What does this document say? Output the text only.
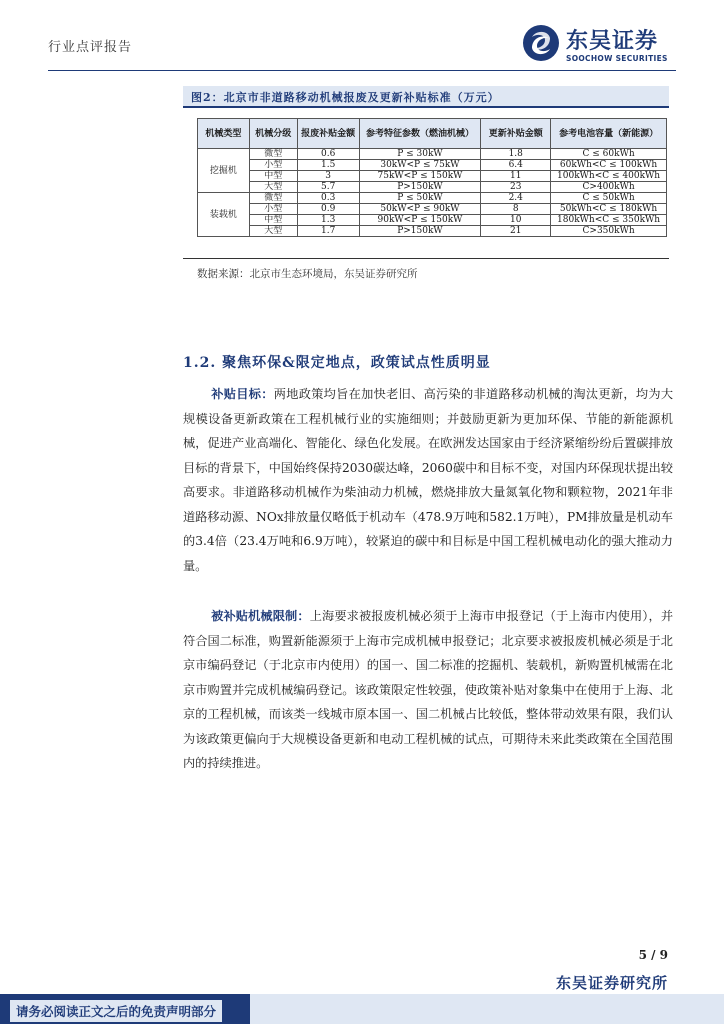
行业点评报告	东吴证券
SOOCHOW SECURITIES
图2：北京市非道路移动机械报废及更新补贴标准（万元）
机械类型	机械分级	报废补贴金额	参考特征参数（燃油机械）	更新补贴金额	参考电池容量（新能源）
挖掘机	微型	0.6	P ≤ 30kW	1.8	C ≤ 60kWh
	小型	1.5	30kW<P ≤ 75kW	6.4	60kWh<C ≤ 100kWh
	中型	3	75kW<P ≤ 150kW	11	100kWh<C ≤ 400kWh
	大型	5.7	P>150kW	23	C>400kWh
装载机	微型	0.3	P ≤ 50kW	2.4	C ≤ 50kWh
	小型	0.9	50kW<P ≤ 90kW	8	50kWh<C ≤ 180kWh
	中型	1.3	90kW<P ≤ 150kW	10	180kWh<C ≤ 350kWh
	大型	1.7	P>150kW	21	C>350kWh
数据来源：北京市生态环境局，东吴证券研究所
1.2. 聚焦环保&限定地点，政策试点性质明显
补贴目标：两地政策均旨在加快老旧、高污染的非道路移动机械的淘汰更新，均为大规模设备更新政策在工程机械行业的实施细则；并鼓励更新为更加环保、节能的新能源机械，促进产业高端化、智能化、绿色化发展。在欧洲发达国家由于经济紧缩纷纷后置碳排放目标的背景下，中国始终保持2030碳达峰，2060碳中和目标不变，对国内环保现状提出较高要求。非道路移动机械作为柴油动力机械，燃烧排放大量氮氧化物和颗粒物，2021年非道路移动源、NOx排放量仅略低于机动车（478.9万吨和582.1万吨），PM排放量是机动车的3.4倍（23.4万吨和6.9万吨），较紧迫的碳中和目标是中国工程机械电动化的强大推动力量。
被补贴机械限制：上海要求被报废机械必须于上海市申报登记（于上海市内使用），并符合国二标准，购置新能源须于上海市完成机械申报登记；北京要求被报废机械必须是于北京市编码登记（于北京市内使用）的国一、国二标准的挖掘机、装载机，新购置机械需在北京市购置并完成机械编码登记。该政策限定性较强，使政策补贴对象集中在使用于上海、北京的工程机械，而该类一线城市原本国一、国二机械占比较低，整体带动效果有限，我们认为该政策更偏向于大规模设备更新和电动工程机械的试点，可期待未来此类政策在全国范围内的持续推进。
5 / 9
东吴证券研究所
请务必阅读正文之后的免责声明部分
